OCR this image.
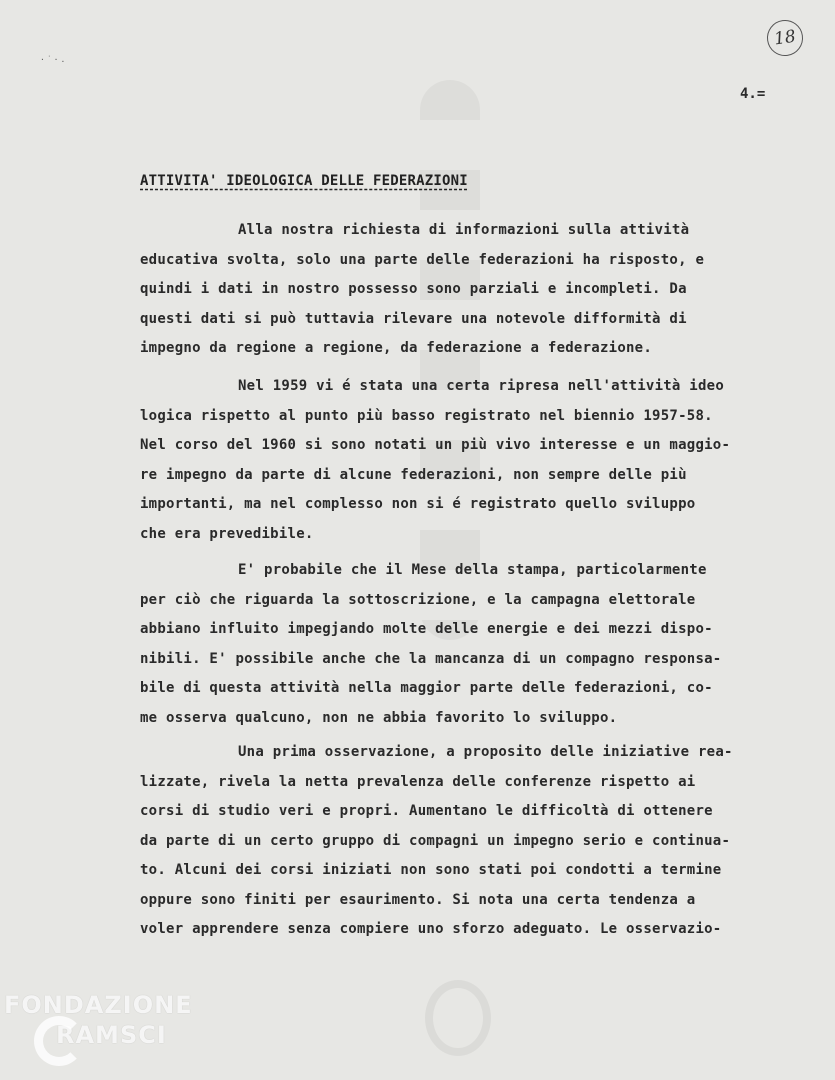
·˙·.
18
4.=
ATTIVITA' IDEOLOGICA DELLE FEDERAZIONI
Alla nostra richiesta di informazioni sulla attività
educativa svolta, solo una parte delle federazioni ha risposto, e
quindi i dati in nostro possesso sono parziali e incompleti. Da
questi dati si può tuttavia rilevare una notevole difformità di
impegno da regione a regione, da federazione a federazione.
Nel 1959 vi é stata una certa ripresa nell'attività ideo
logica rispetto al punto più basso registrato nel biennio 1957-58.
Nel corso del 1960 si sono notati un più vivo interesse e un maggio-
re impegno da parte di alcune federazioni, non sempre delle più
importanti, ma nel complesso non si é registrato quello sviluppo
che era prevedibile.
E' probabile che il Mese della stampa, particolarmente
per ciò che riguarda la sottoscrizione, e la campagna elettorale
abbiano influito impegjando molte delle energie e dei mezzi dispo-
nibili. E' possibile anche che la mancanza di un compagno responsa-
bile di questa attività nella maggior parte delle federazioni, co-
me osserva qualcuno, non ne abbia favorito lo sviluppo.
Una prima osservazione, a proposito delle iniziative rea-
lizzate, rivela la netta prevalenza delle conferenze rispetto ai
corsi di studio veri e propri. Aumentano le difficoltà di ottenere
da parte di un certo gruppo di compagni un impegno serio e continua-
to. Alcuni dei corsi iniziati non sono stati poi condotti a termine
oppure sono finiti per esaurimento. Si nota una certa tendenza a
voler apprendere senza compiere uno sforzo adeguato. Le osservazio-
FONDAZIONE
RAMSCI
